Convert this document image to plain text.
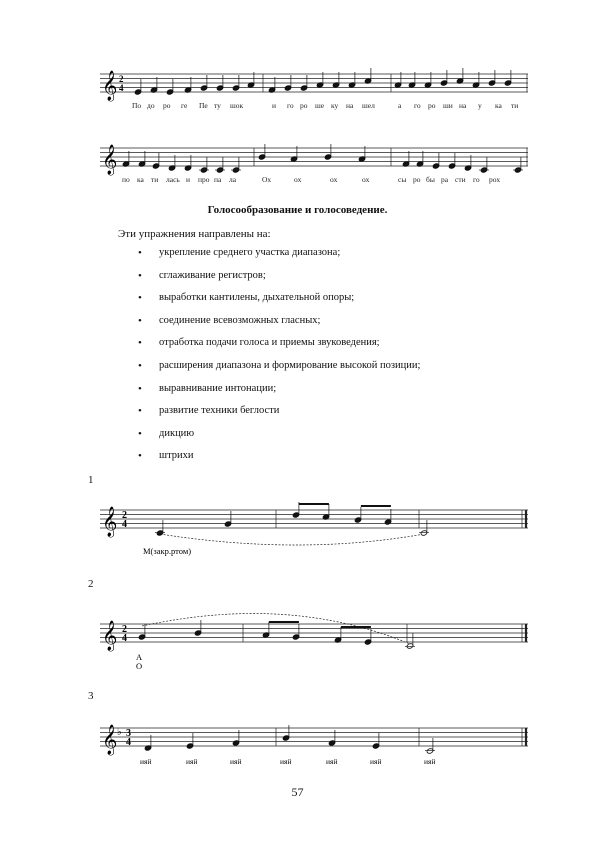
𝄞 2
4
По до ро ге Пе ту шок	и го ро ше ку на шел	а го ро ши на у ка ти
𝄞
по ка ти лась и про па ла	Ох	ох	ох	ох	сы ро бы ра сти го рох
Голосообразование и голосоведение.
Эти упражнения направлены на:
• укрепление среднего участка диапазона;
• сглаживание регистров;
• выработки кантилены, дыхательной опоры;
• соединение всевозможных гласных;
• отработка подачи голоса и приемы звуковедения;
• расширения диапазона и формирование высокой позиции;
• выравнивание интонации;
• развитие техники беглости
• дикцию
• штрихи
1
𝄞 2
4
М(закр.ртом)
2
𝄞 2
4
А
О
3
𝄞 ♭ 3
4
ияй	ияй	ияй	ияй	ияй	ияй	ияй
57
